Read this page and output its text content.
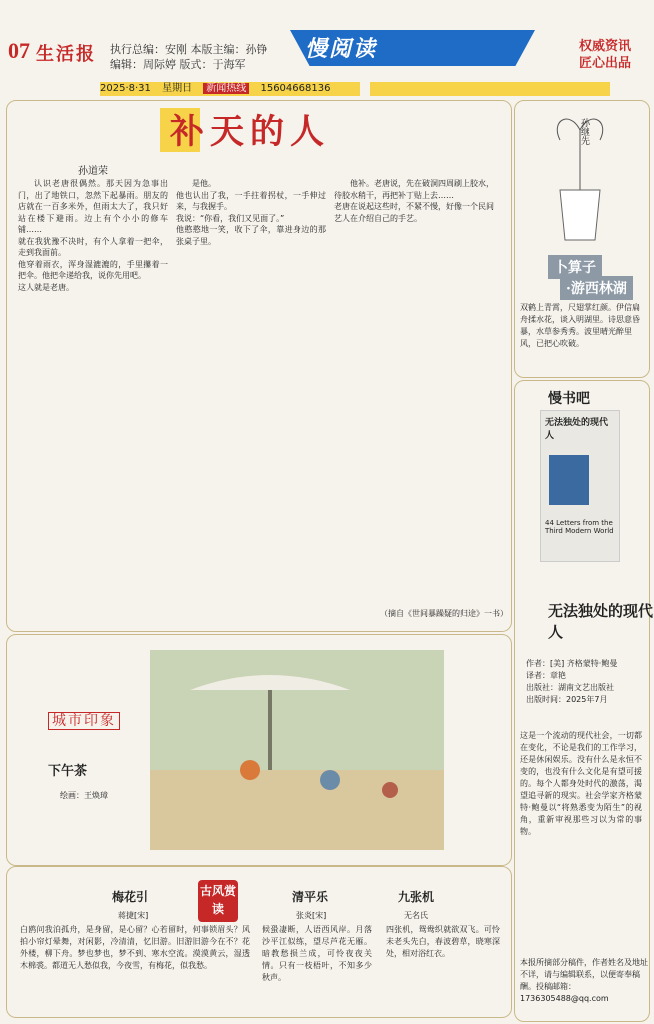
07 生活报 执行总编：安刚 本版主编：孙铮
编辑：周际婷 版式：于海军
慢阅读	权威资讯
匠心出品
2025·8·31 星期日 新闻热线 15604668136
补天的人
孙道荣

认识老唐很偶然。那天因为急事出门，出了地铁口，忽然下起暴雨。朋友的店就在一百多米外，但雨太大了，我只好站在楼下避雨。边上有个小小的修车铺……
就在我犹豫不决时，有个人拿着一把伞，走到我面前。
他穿着雨衣，浑身湿漉漉的，手里攥着一把伞。他把伞递给我，说你先用吧。
这人就是老唐。

是他。
他也认出了我，一手拄着拐杖，一手伸过来，与我握手。
我说：“你看，我们又见面了。”
他憨憨地一笑，收下了伞，靠进身边的那张桌子里。

他补。老唐说，先在破洞四周刷上胶水，待胶水稍干，再把补丁贴上去……
老唐在说起这些时，不紧不慢，好像一个民间艺人在介绍自己的手艺。

（摘自《世间暴躁疑的归途》一书）
卜算子
·游西林湖
孙继先
双鹤上青霄，尺翅掌红颜。伊信扁舟揉水花，谈入明湖里。诗思意昏暴，水草参秀秀。波里晴光醉里风，已把心吹破。
慢书吧
无法独处的现代人
44 Letters from the Third Modern World
无法独处的现代人
作者：[美] 齐格蒙特·鲍曼
译者：章艳
出版社：湖南文艺出版社
出版时间：2025年7月
这是一个流动的现代社会，一切都在变化，不论是我们的工作学习，还是休闲娱乐。没有什么是永恒不变的，也没有什么文化是有望可援的。每个人都身处时代的激荡，渴望追寻新的现实。社会学家齐格蒙特·鲍曼以“将熟悉变为陌生”的视角，重新审视那些习以为常的事物。
本报所摘部分稿件，作者姓名及地址不详，请与编辑联系，以便寄奉稿酬。投稿邮箱：1736305488@qq.com
城市印象
下午茶
绘画：王焕璋
古风赏读
梅花引
蒋捷[宋]
白鸥问我泊孤舟，是身留，是心留？心若留时，何事锁眉头？风拍小帘灯晕舞，对闲影，冷清清，忆旧游。旧游旧游今在不？花外楼，柳下舟。梦也梦也，梦不到、寒水空流。漠漠黄云，湿透木棉裘。都道无人愁似我，今夜雪，有梅花，似我愁。
清平乐
张炎[宋]
候蛩凄断，人语西风岸。月落沙平江似练，望尽芦花无雁。暗教愁损兰成，可怜夜夜关情。只有一枝梧叶，不知多少秋声。
九张机
无名氏
四张机，鸳鸯织就欲双飞。可怜未老头先白，春波碧草，晓寒深处，相对浴红衣。
